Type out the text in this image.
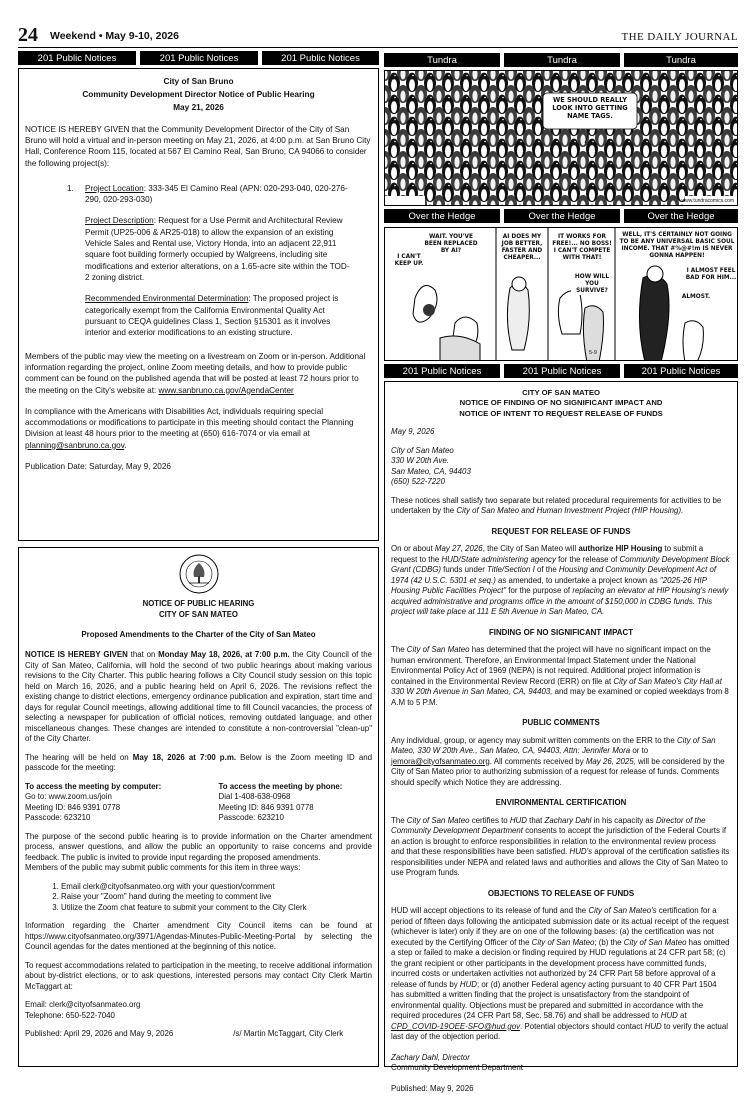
24 Weekend • May 9-10, 2026	THE DAILY JOURNAL
201 Public Notices	201 Public Notices	201 Public Notices	Tundra	Tundra	Tundra
WE SHOULD REALLY LOOK INTO GETTING NAME TAGS.
www.tundracomics.com
Over the Hedge	Over the Hedge	Over the Hedge
WAIT. YOU'VE BEEN REPLACED BY AI?
I CAN'T KEEP UP.
AI DOES MY JOB BETTER, FASTER AND CHEAPER...
IT WORKS FOR FREE!... NO BOSS! I CAN'T COMPETE WITH THAT!
HOW WILL YOU SURVIVE?
WELL, IT'S CERTAINLY NOT GOING TO BE ANY UNIVERSAL BASIC SOUL INCOME. THAT #%@#!m IS NEVER GONNA HAPPEN!
I ALMOST FEEL BAD FOR HIM...
ALMOST.
5-9
201 Public Notices	201 Public Notices	201 Public Notices
City of San Bruno
Community Development Director Notice of Public Hearing
May 21, 2026

NOTICE IS HEREBY GIVEN that the Community Development Director of the City of San Bruno will hold a virtual and in-person meeting on May 21, 2026, at 4:00 p.m. at San Bruno City Hall, Conference Room 115, located at 567 El Camino Real, San Bruno, CA 94066 to consider the following project(s):

1. Project Location: 333-345 El Camino Real (APN: 020-293-040, 020-276-290, 020-293-030)

Project Description: Request for a Use Permit and Architectural Review Permit (UP25-006 & AR25-018) to allow the expansion of an existing Vehicle Sales and Rental use, Victory Honda, into an adjacent 22,911 square foot building formerly occupied by Walgreens, including site modifications and exterior alterations, on a 1.65-acre site within the TOD-2 zoning district.

Recommended Environmental Determination: The proposed project is categorically exempt from the California Environmental Quality Act pursuant to CEQA guidelines Class 1, Section §15301 as it involves interior and exterior modifications to an existing structure.

Members of the public may view the meeting on a livestream on Zoom or in-person. Additional information regarding the project, online Zoom meeting details, and how to provide public comment can be found on the published agenda that will be posted at least 72 hours prior to the meeting on the City's website at: www.sanbruno.ca.gov/AgendaCenter

In compliance with the Americans with Disabilities Act, individuals requiring special accommodations or modifications to participate in this meeting should contact the Planning Division at least 48 hours prior to the meeting at (650) 616-7074 or via email at planning@sanbruno.ca.gov.

Publication Date: Saturday, May 9, 2026

NOTICE OF PUBLIC HEARING
CITY OF SAN MATEO

Proposed Amendments to the Charter of the City of San Mateo

NOTICE IS HEREBY GIVEN that on Monday May 18, 2026, at 7:00 p.m. the City Council of the City of San Mateo, California, will hold the second of two public hearings about making various revisions to the City Charter. This public hearing follows a City Council study session on this topic held on March 16, 2026, and a public hearing held on April 6, 2026. The revisions reflect the existing change to district elections, emergency ordinance publication and expiration, start time and days for regular Council meetings, allowing additional time to fill Council vacancies, the process of selecting a newspaper for publication of official notices, removing outdated language, and other miscellaneous changes. These changes are intended to constitute a non-controversial "clean-up" of the City Charter.

The hearing will be held on May 18, 2026 at 7:00 p.m. Below is the Zoom meeting ID and passcode for the meeting:

To access the meeting by computer:
Go to: www.zoom.us/join
Meeting ID: 846 9391 0778
Passcode: 623210
To access the meeting by phone:
Dial 1-408-638-0968
Meeting ID: 846 9391 0778
Passcode: 623210

The purpose of the second public hearing is to provide information on the Charter amendment process, answer questions, and allow the public an opportunity to raise concerns and provide feedback. The public is invited to provide input regarding the proposed amendments.

Members of the public may submit public comments for this item in three ways:

1. Email clerk@cityofsanmateo.org with your question/comment
2. Raise your "Zoom" hand during the meeting to comment live
3. Utilize the Zoom chat feature to submit your comment to the City Clerk

Information regarding the Charter amendment City Council items can be found at https://www.cityofsanmateo.org/3971/Agendas-Minutes-Public-Meeting-Portal by selecting the Council agendas for the dates mentioned at the beginning of this notice.

To request accommodations related to participation in the meeting, to receive additional information about by-district elections, or to ask questions, interested persons may contact City Clerk Martin McTaggart at:

Email: clerk@cityofsanmateo.org

Telephone: 650-522-7040

Published: April 29, 2026 and May 9, 2026	/s/ Martin McTaggart, City Clerk
CITY OF SAN MATEO
NOTICE OF FINDING OF NO SIGNIFICANT IMPACT AND
NOTICE OF INTENT TO REQUEST RELEASE OF FUNDS

May 9, 2026

City of San Mateo
330 W 20th Ave.
San Mateo, CA, 94403
(650) 522-7220

These notices shall satisfy two separate but related procedural requirements for activities to be undertaken by the City of San Mateo and Human Investment Project (HIP Housing).

REQUEST FOR RELEASE OF FUNDS

On or about May 27, 2026, the City of San Mateo will authorize HIP Housing to submit a request to the HUD/State administering agency for the release of Community Development Block Grant (CDBG) funds under Title/Section I of the Housing and Community Development Act of 1974 (42 U.S.C. 5301 et seq.) as amended, to undertake a project known as "2025-26 HIP Housing Public Facilities Project" for the purpose of replacing an elevator at HIP Housing's newly acquired administrative and programs office in the amount of $150,000 in CDBG funds. This project will take place at 111 E 5th Avenue in San Mateo, CA.

FINDING OF NO SIGNIFICANT IMPACT

The City of San Mateo has determined that the project will have no significant impact on the human environment. Therefore, an Environmental Impact Statement under the National Environmental Policy Act of 1969 (NEPA) is not required. Additional project information is contained in the Environmental Review Record (ERR) on file at City of San Mateo's City Hall at 330 W 20th Avenue in San Mateo, CA, 94403, and may be examined or copied weekdays from 8 A.M to 5 P.M.

PUBLIC COMMENTS

Any individual, group, or agency may submit written comments on the ERR to the City of San Mateo, 330 W 20th Ave., San Mateo, CA, 94403, Attn: Jennifer Mora or to jemora@cityofsanmateo.org. All comments received by May 26, 2025, will be considered by the City of San Mateo prior to authorizing submission of a request for release of funds. Comments should specify which Notice they are addressing.

ENVIRONMENTAL CERTIFICATION

The City of San Mateo certifies to HUD that Zachary Dahl in his capacity as Director of the Community Development Department consents to accept the jurisdiction of the Federal Courts if an action is brought to enforce responsibilities in relation to the environmental review process and that these responsibilities have been satisfied. HUD's approval of the certification satisfies its responsibilities under NEPA and related laws and authorities and allows the City of San Mateo to use Program funds.

OBJECTIONS TO RELEASE OF FUNDS

HUD will accept objections to its release of fund and the City of San Mateo's certification for a period of fifteen days following the anticipated submission date or its actual receipt of the request (whichever is later) only if they are on one of the following bases: (a) the certification was not executed by the Certifying Officer of the City of San Mateo; (b) the City of San Mateo has omitted a step or failed to make a decision or finding required by HUD regulations at 24 CFR part 58; (c) the grant recipient or other participants in the development process have committed funds, incurred costs or undertaken activities not authorized by 24 CFR Part 58 before approval of a release of funds by HUD; or (d) another Federal agency acting pursuant to 40 CFR Part 1504 has submitted a written finding that the project is unsatisfactory from the standpoint of environmental quality. Objections must be prepared and submitted in accordance with the required procedures (24 CFR Part 58, Sec. 58.76) and shall be addressed to HUD at CPD_COVID-19OEE-SFO@hud.gov. Potential objectors should contact HUD to verify the actual last day of the objection period.

Zachary Dahl, Director

Community Development Department

Published: May 9, 2026
